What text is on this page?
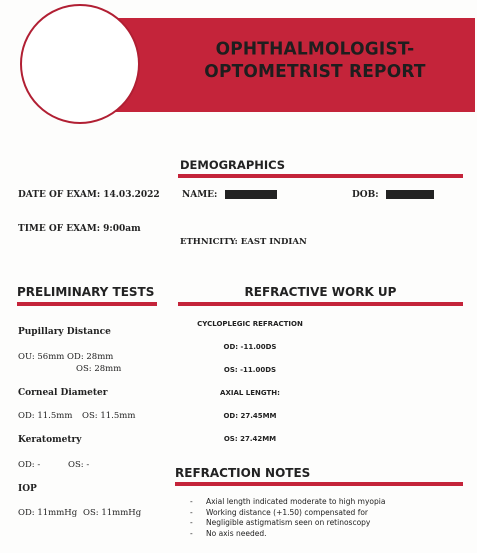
OPHTHALMOLOGIST-
OPTOMETRIST REPORT
DEMOGRAPHICS
DATE OF EXAM: 14.03.2022 NAME:	DOB:
TIME OF EXAM: 9:00am
ETHNICITY: EAST INDIAN
PRELIMINARY TESTS
Pupillary Distance
OU: 56mm OD: 28mm
OS: 28mm
Corneal Diameter
OD: 11.5mm OS: 11.5mm
Keratometry
OD: -	OS: -
IOP
OD: 11mmHg OS: 11mmHg
REFRACTIVE WORK UP
CYCLOPLEGIC REFRACTION
OD: -11.00DS
OS: -11.00DS
AXIAL LENGTH:
OD: 27.45MM
OS: 27.42MM
REFRACTION NOTES
- Axial length indicated moderate to high myopia
- Working distance (+1.50) compensated for
- Negligible astigmatism seen on retinoscopy
- No axis needed.
